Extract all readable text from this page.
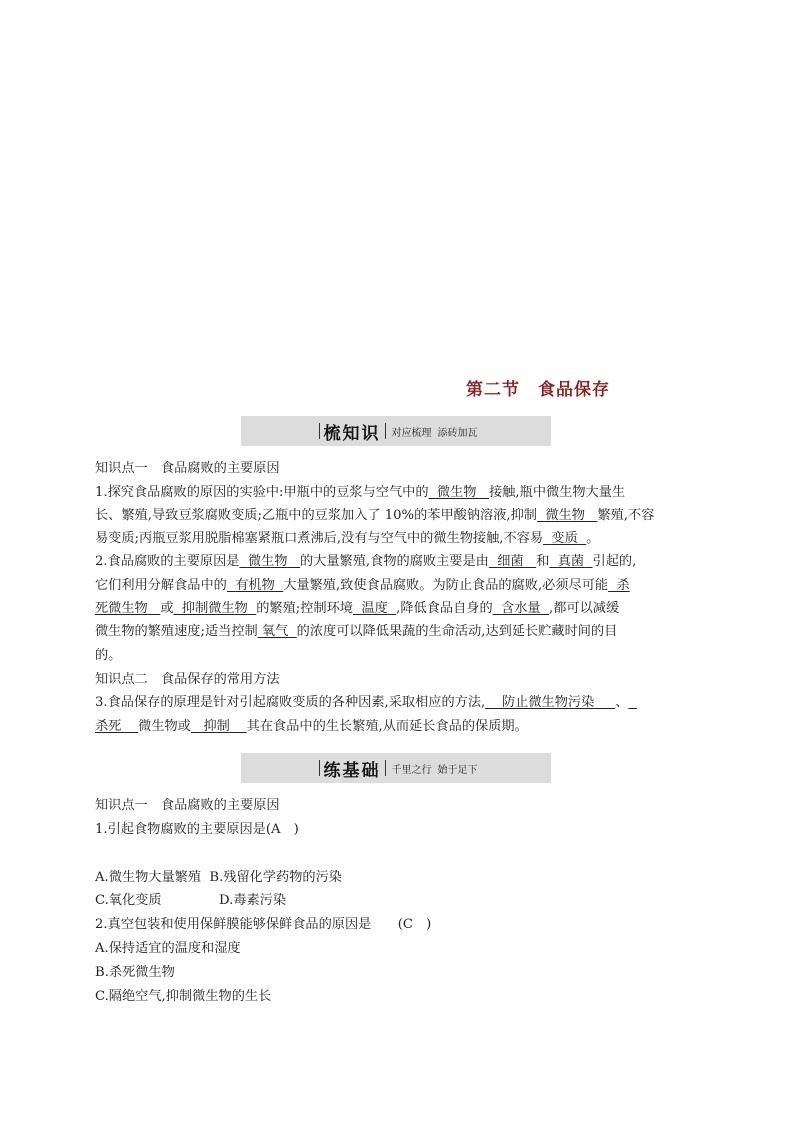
第二节 食品保存
梳知识 对应梳理 添砖加瓦
知识点一　食品腐败的主要原因
1.探究食品腐败的原因的实验中:甲瓶中的豆浆与空气中的 微生物 接触,瓶中微生物大量生
长、繁殖,导致豆浆腐败变质;乙瓶中的豆浆加入了 10%的苯甲酸钠溶液,抑制 微生物 繁殖,不容
易变质;丙瓶豆浆用脱脂棉塞紧瓶口煮沸后,没有与空气中的微生物接触,不容易 变质 。
2.食品腐败的主要原因是 微生物 的大量繁殖,食物的腐败主要是由 细菌 和 真菌 引起的,
它们利用分解食品中的 有机物 大量繁殖,致使食品腐败。为防止食品的腐败,必须尽可能 杀
死微生物 或 抑制微生物 的繁殖;控制环境 温度 ,降低食品自身的 含水量 ,都可以减缓
微生物的繁殖速度;适当控制 氧气 的浓度可以降低果蔬的生命活动,达到延长贮藏时间的目
的。
知识点二　食品保存的常用方法
3.食品保存的原理是针对引起腐败变质的各种因素,采取相应的方法, 防止微生物污染 、
杀死 微生物或 抑制 其在食品中的生长繁殖,从而延长食品的保质期。
练基础 千里之行 始于足下
知识点一　食品腐败的主要原因
1.引起食物腐败的主要原因是(A　)
A.微生物大量繁殖 B.残留化学药物的污染
C.氧化变质	D.毒素污染
2.真空包装和使用保鲜膜能够保鲜食品的原因是　　(C　)
A.保持适宜的温度和湿度
B.杀死微生物
C.隔绝空气,抑制微生物的生长
